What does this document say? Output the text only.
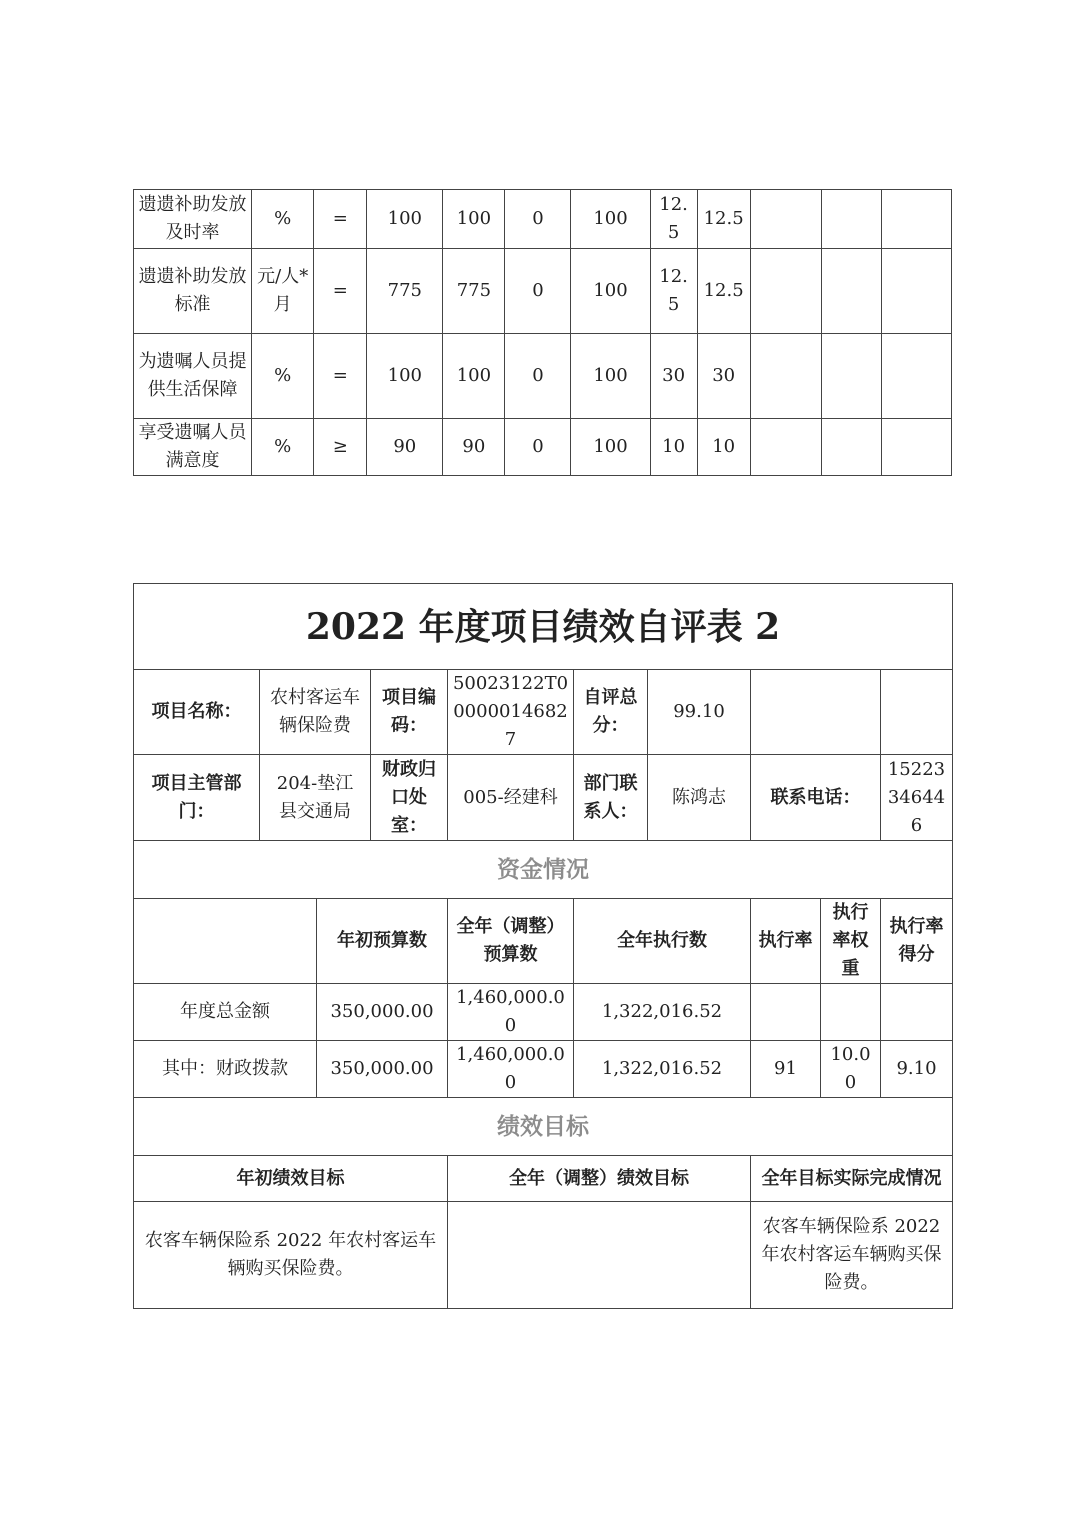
遗遗补助发放及时率	%	=	100	100	0	100	12.5	12.5			
遗遗补助发放标准	元/人*月	=	775	775	0	100	12.5	12.5			
为遗嘱人员提供生活保障	%	=	100	100	0	100	30	30			
享受遗嘱人员满意度	%	≥	90	90	0	100	10	10			
2022 年度项目绩效自评表 2									
项目名称：	农村客运车辆保险费		项目编码：	50023122T00000014682 7	自评总分：	99.10			
项目主管部门：	204-垫江县交通局		财政归口处室：	005-经建科	部门联系人：	陈鸿志	联系电话：		15223346446
资金情况									
		年初预算数		全年（调整）预算数	全年执行数		执行率	执行率权重	执行率得分
年度总金额		350,000.00		1,460,000.00	1,322,016.52				
其中：财政拨款		350,000.00		1,460,000.00	1,322,016.52		91	10.00	9.10
绩效目标									
年初绩效目标				全年（调整）绩效目标			全年目标实际完成情况		
农客车辆保险系 2022 年农村客运车辆购买保险费。							农客车辆保险系 2022 年农村客运车辆购买保险费。		
